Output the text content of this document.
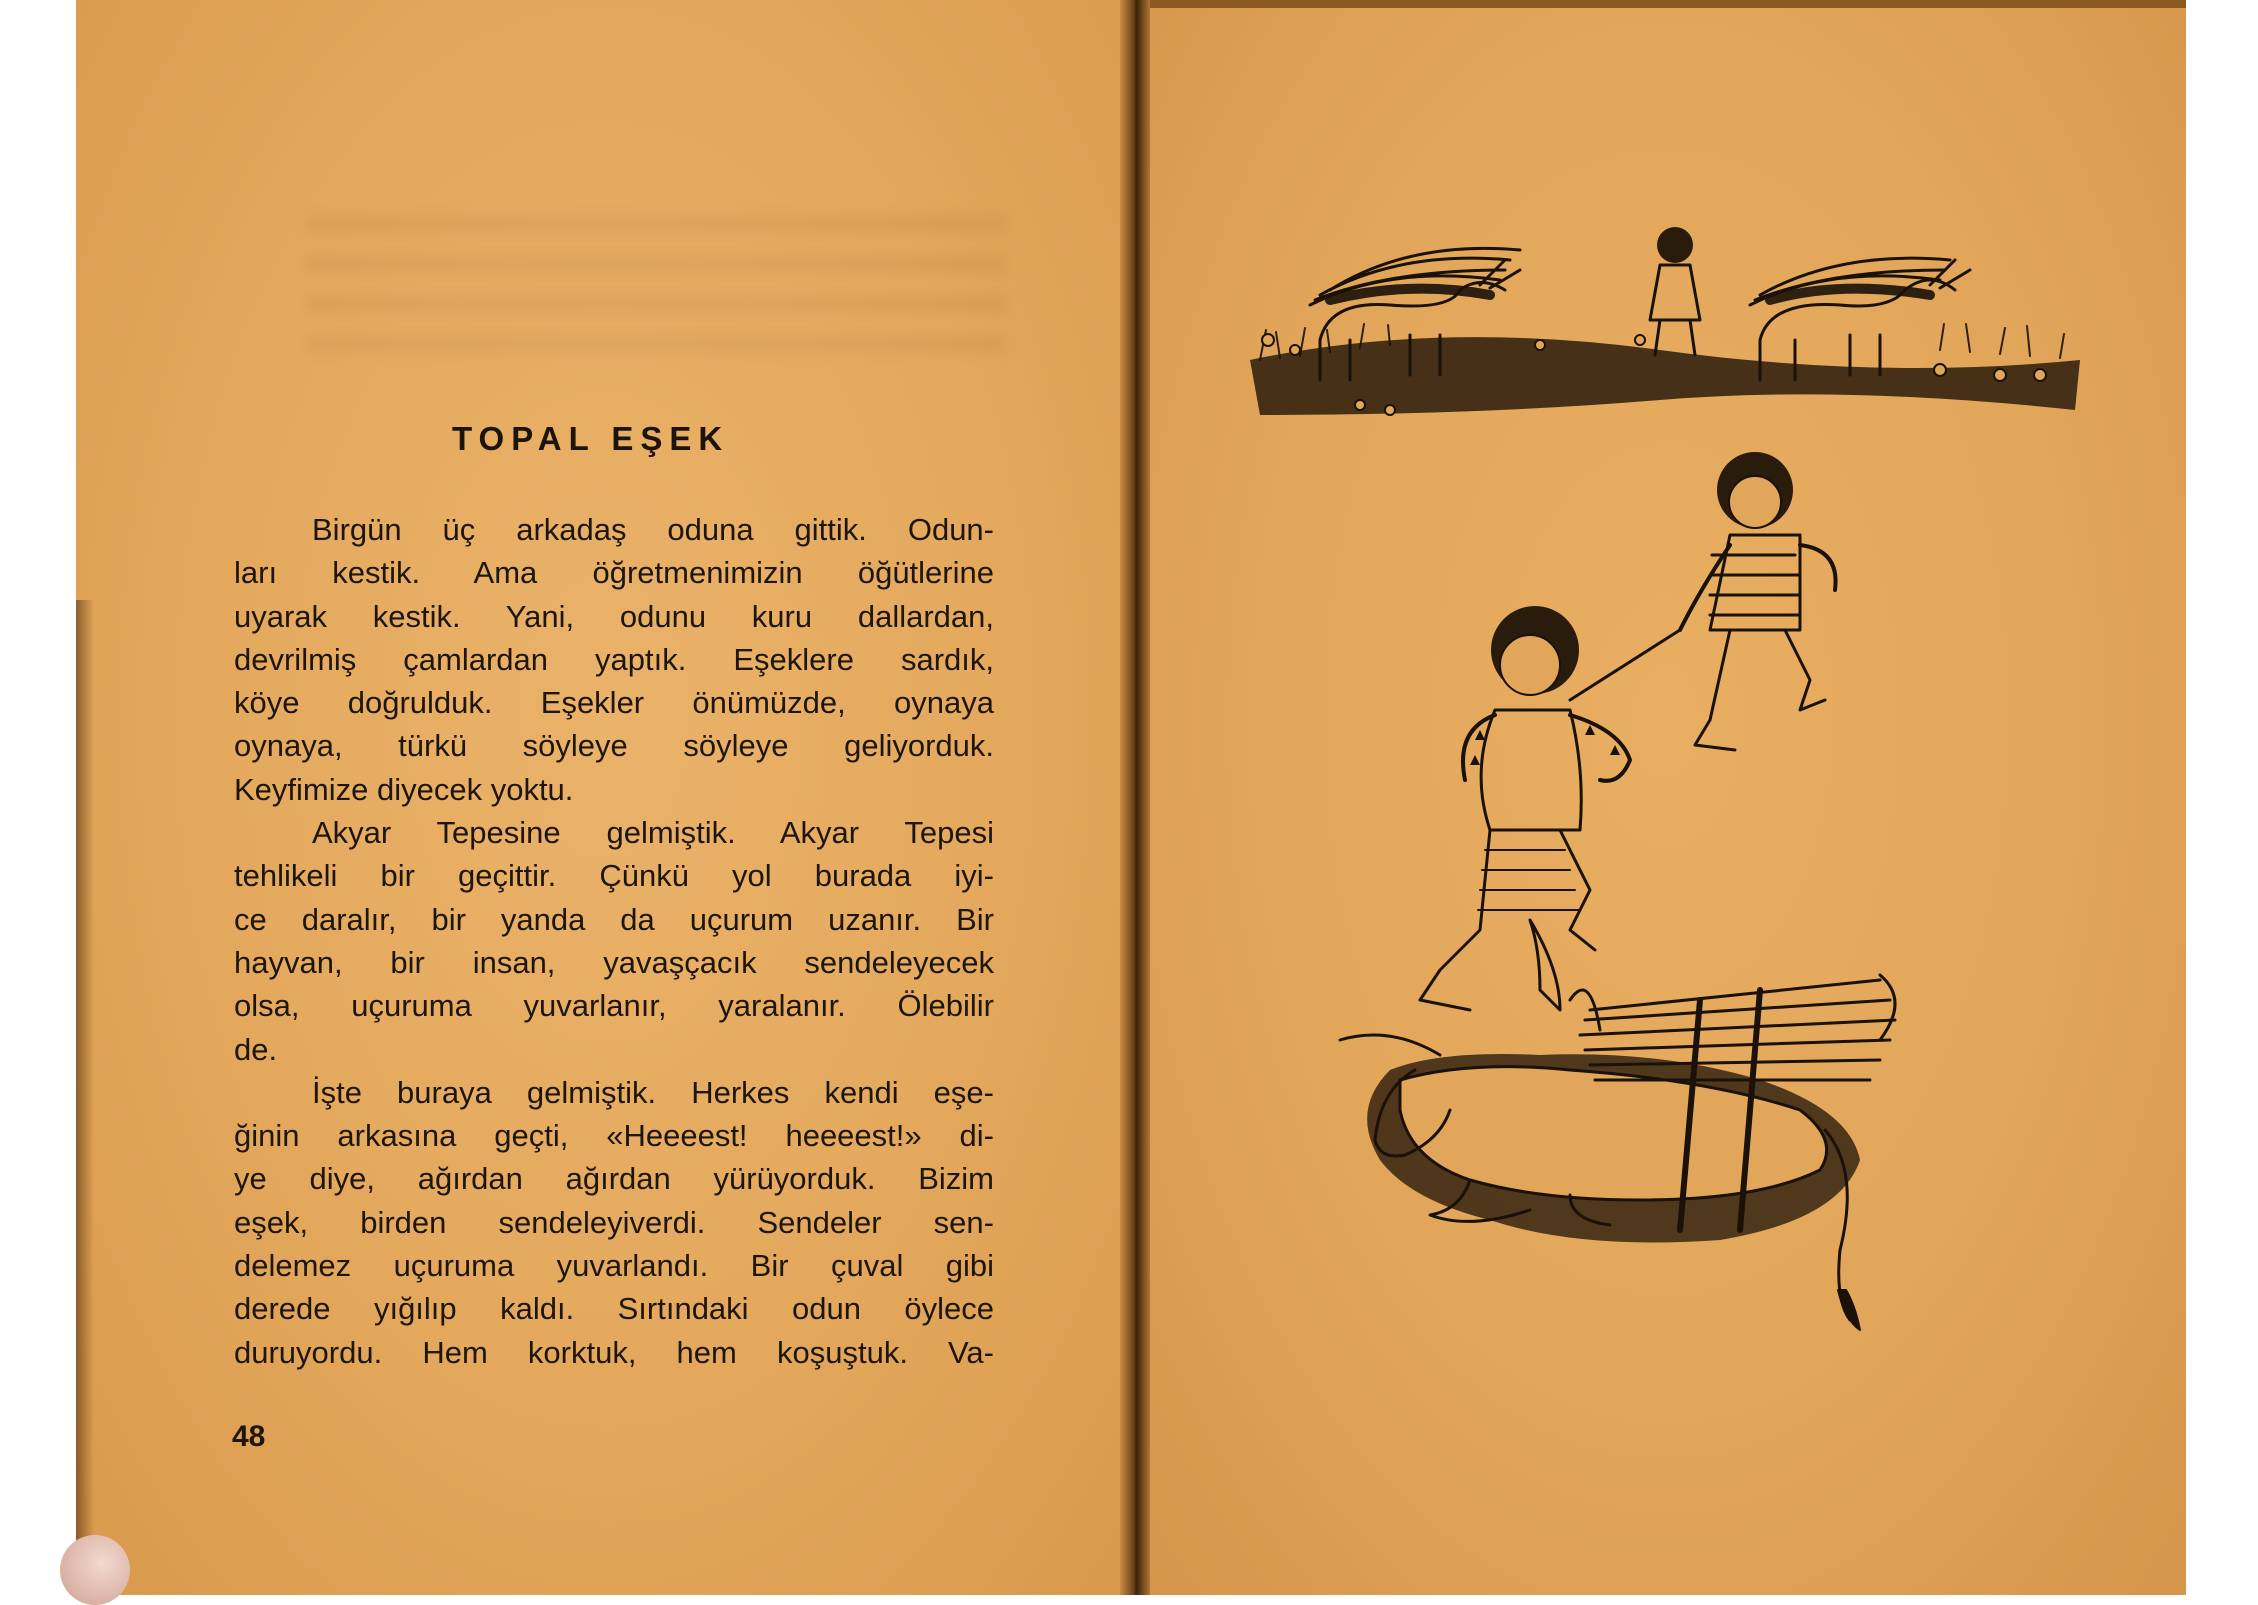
TOPAL EŞEK
Birgün üç arkadaş oduna gittik. Odun-
ları kestik. Ama öğretmenimizin öğütlerine
uyarak kestik. Yani, odunu kuru dallardan,
devrilmiş çamlardan yaptık. Eşeklere sardık,
köye doğrulduk. Eşekler önümüzde, oynaya
oynaya, türkü söyleye söyleye geliyorduk.
Keyfimize diyecek yoktu.
Akyar Tepesine gelmiştik. Akyar Tepesi
tehlikeli bir geçittir. Çünkü yol burada iyi-
ce daralır, bir yanda da uçurum uzanır. Bir
hayvan, bir insan, yavaşçacık sendeleyecek
olsa, uçuruma yuvarlanır, yaralanır. Ölebilir
de.
İşte buraya gelmiştik. Herkes kendi eşe-
ğinin arkasına geçti, «Heeeest! heeeest!» di-
ye diye, ağırdan ağırdan yürüyorduk. Bizim
eşek, birden sendeleyiverdi. Sendeler sen-
delemez uçuruma yuvarlandı. Bir çuval gibi
derede yığılıp kaldı. Sırtındaki odun öylece
duruyordu. Hem korktuk, hem koşuştuk. Va-
48
